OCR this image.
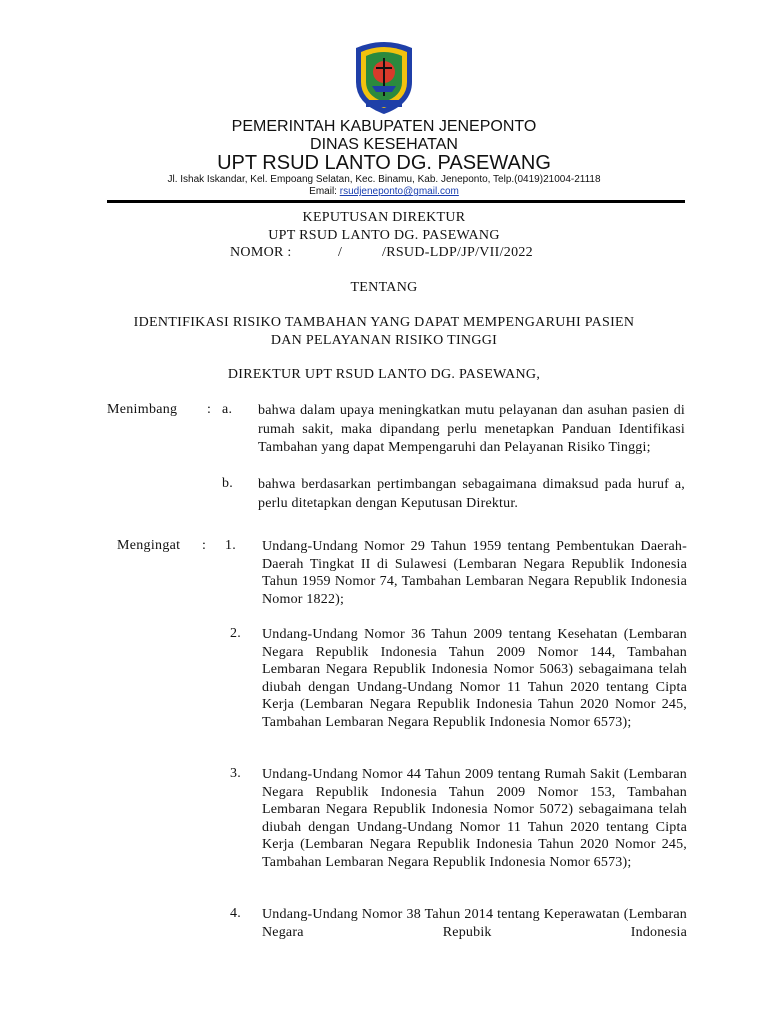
PEMERINTAH KABUPATEN JENEPONTO
DINAS KESEHATAN
UPT RSUD LANTO DG. PASEWANG
Jl. Ishak Iskandar, Kel. Empoang Selatan, Kec. Binamu, Kab. Jeneponto, Telp.(0419)21004-21118
Email: rsudjeneponto@gmail.com
KEPUTUSAN DIREKTUR
UPT RSUD LANTO DG. PASEWANG
NOMOR :	/	/RSUD-LDP/JP/VII/2022
TENTANG
IDENTIFIKASI RISIKO TAMBAHAN YANG DAPAT MEMPENGARUHI PASIEN
DAN PELAYANAN RISIKO TINGGI
DIREKTUR UPT RSUD LANTO DG. PASEWANG,
Menimbang : a. bahwa dalam upaya meningkatkan mutu pelayanan dan asuhan pasien di rumah sakit, maka dipandang perlu menetapkan Panduan Identifikasi Tambahan yang dapat Mempengaruhi dan Pelayanan Risiko Tinggi;
b. bahwa berdasarkan pertimbangan sebagaimana dimaksud pada huruf a, perlu ditetapkan dengan Keputusan Direktur.
Mengingat : 1. Undang-Undang Nomor 29 Tahun 1959 tentang Pembentukan Daerah-Daerah Tingkat II di Sulawesi (Lembaran Negara Republik Indonesia Tahun 1959 Nomor 74, Tambahan Lembaran Negara Republik Indonesia Nomor 1822);
2. Undang-Undang Nomor 36 Tahun 2009 tentang Kesehatan (Lembaran Negara Republik Indonesia Tahun 2009 Nomor 144, Tambahan Lembaran Negara Republik Indonesia Nomor 5063) sebagaimana telah diubah dengan Undang-Undang Nomor 11 Tahun 2020 tentang Cipta Kerja (Lembaran Negara Republik Indonesia Tahun 2020 Nomor 245, Tambahan Lembaran Negara Republik Indonesia Nomor 6573);
3. Undang-Undang Nomor 44 Tahun 2009 tentang Rumah Sakit (Lembaran Negara Republik Indonesia Tahun 2009 Nomor 153, Tambahan Lembaran Negara Republik Indonesia Nomor 5072) sebagaimana telah diubah dengan Undang-Undang Nomor 11 Tahun 2020 tentang Cipta Kerja (Lembaran Negara Republik Indonesia Tahun 2020 Nomor 245, Tambahan Lembaran Negara Republik Indonesia Nomor 6573);
4. Undang-Undang Nomor 38 Tahun 2014 tentang Keperawatan (Lembaran Negara Repubik Indonesia
